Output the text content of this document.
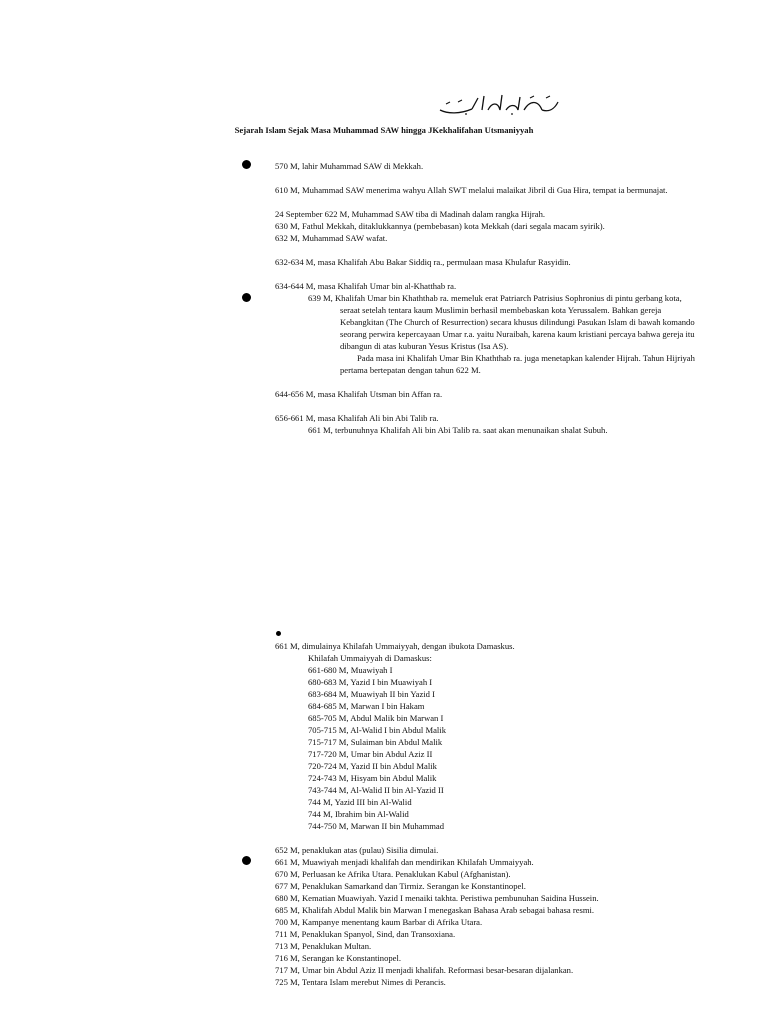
Sejarah Islam Sejak Masa Muhammad SAW hingga JKekhalifahan Utsmaniyyah
570 M, lahir Muhammad SAW di Mekkah.
610 M, Muhammad SAW menerima wahyu Allah SWT melalui malaikat Jibril di Gua Hira, tempat ia bermunajat.
24 September 622 M, Muhammad SAW tiba di Madinah dalam rangka Hijrah.
630 M, Fathul Mekkah, ditaklukkannya (pembebasan) kota Mekkah (dari segala macam syirik).
632 M, Muhammad SAW wafat.
632-634 M, masa Khalifah Abu Bakar Siddiq ra., permulaan masa Khulafur Rasyidin.
634-644 M, masa Khalifah Umar bin al-Khatthab ra.
639 M, Khalifah Umar bin Khaththab ra. memeluk erat Patriarch Patrisius Sophronius di pintu gerbang kota,
seraat setelah tentara kaum Muslimin berhasil membebaskan kota Yerussalem. Bahkan gereja
Kebangkitan (The Church of Resurrection) secara khusus dilindungi Pasukan Islam di bawah komando
seorang perwira kepercayaan Umar r.a. yaitu Nuraibah, karena kaum kristiani percaya bahwa gereja itu
dibangun di atas kuburan Yesus Kristus (Isa AS).
Pada masa ini Khalifah Umar Bin Khaththab ra. juga menetapkan kalender Hijrah. Tahun Hijriyah
pertama bertepatan dengan tahun 622 M.
644-656 M, masa Khalifah Utsman bin Affan ra.
656-661 M, masa Khalifah Ali bin Abi Talib ra.
661 M, terbunuhnya Khalifah Ali bin Abi Talib ra. saat akan menunaikan shalat Subuh.
661 M, dimulainya Khilafah Ummaiyyah, dengan ibukota Damaskus.
Khilafah Ummaiyyah di Damaskus:
661-680 M, Muawiyah I
680-683 M, Yazid I bin Muawiyah I
683-684 M, Muawiyah II bin Yazid I
684-685 M, Marwan I bin Hakam
685-705 M, Abdul Malik bin Marwan I
705-715 M, Al-Walid I bin Abdul Malik
715-717 M, Sulaiman bin Abdul Malik
717-720 M, Umar bin Abdul Aziz II
720-724 M, Yazid II bin Abdul Malik
724-743 M, Hisyam bin Abdul Malik
743-744 M, Al-Walid II bin Al-Yazid II
744 M, Yazid III bin Al-Walid
744 M, Ibrahim bin Al-Walid
744-750 M, Marwan II bin Muhammad
652 M, penaklukan atas (pulau) Sisilia dimulai.
661 M, Muawiyah menjadi khalifah dan mendirikan Khilafah Ummaiyyah.
670 M, Perluasan ke Afrika Utara. Penaklukan Kabul (Afghanistan).
677 M, Penaklukan Samarkand dan Tirmiz. Serangan ke Konstantinopel.
680 M, Kematian Muawiyah. Yazid I menaiki takhta. Peristiwa pembunuhan Saidina Hussein.
685 M, Khalifah Abdul Malik bin Marwan I menegaskan Bahasa Arab sebagai bahasa resmi.
700 M, Kampanye menentang kaum Barbar di Afrika Utara.
711 M, Penaklukan Spanyol, Sind, dan Transoxiana.
713 M, Penaklukan Multan.
716 M, Serangan ke Konstantinopel.
717 M, Umar bin Abdul Aziz II menjadi khalifah. Reformasi besar-besaran dijalankan.
725 M, Tentara Islam merebut Nimes di Perancis.
